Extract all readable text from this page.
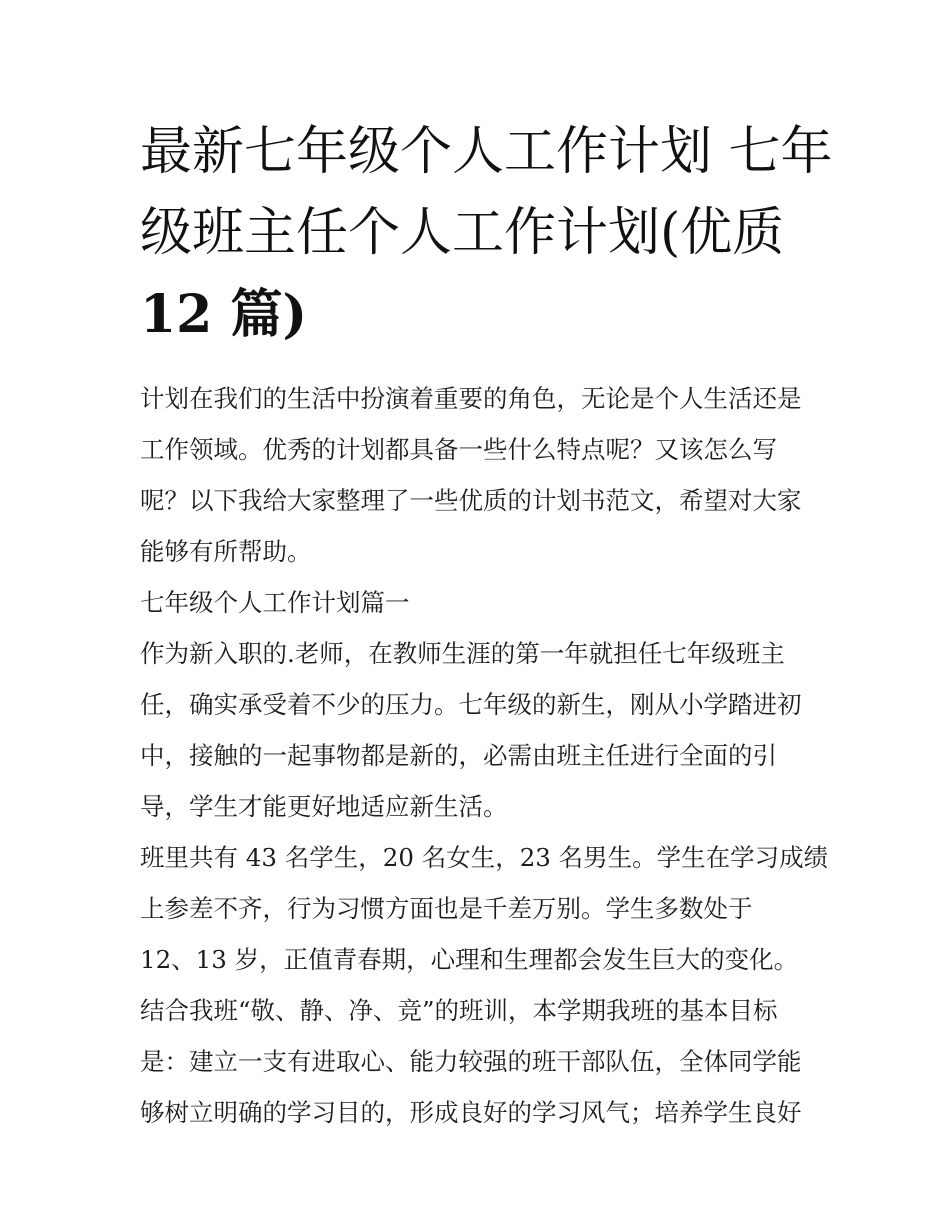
最新七年级个人工作计划 七年
级班主任个人工作计划(优质
12 篇)
计划在我们的生活中扮演着重要的角色，无论是个人生活还是
工作领域。优秀的计划都具备一些什么特点呢？又该怎么写
呢？以下我给大家整理了一些优质的计划书范文，希望对大家
能够有所帮助。
七年级个人工作计划篇一
作为新入职的.老师，在教师生涯的第一年就担任七年级班主
任，确实承受着不少的压力。七年级的新生，刚从小学踏进初
中，接触的一起事物都是新的，必需由班主任进行全面的引
导，学生才能更好地适应新生活。
班里共有 43 名学生，20 名女生，23 名男生。学生在学习成绩
上参差不齐，行为习惯方面也是千差万别。学生多数处于
12、13 岁，正值青春期，心理和生理都会发生巨大的变化。
结合我班“敬、静、净、竞”的班训，本学期我班的基本目标
是：建立一支有进取心、能力较强的班干部队伍，全体同学能
够树立明确的学习目的，形成良好的学习风气；培养学生良好
